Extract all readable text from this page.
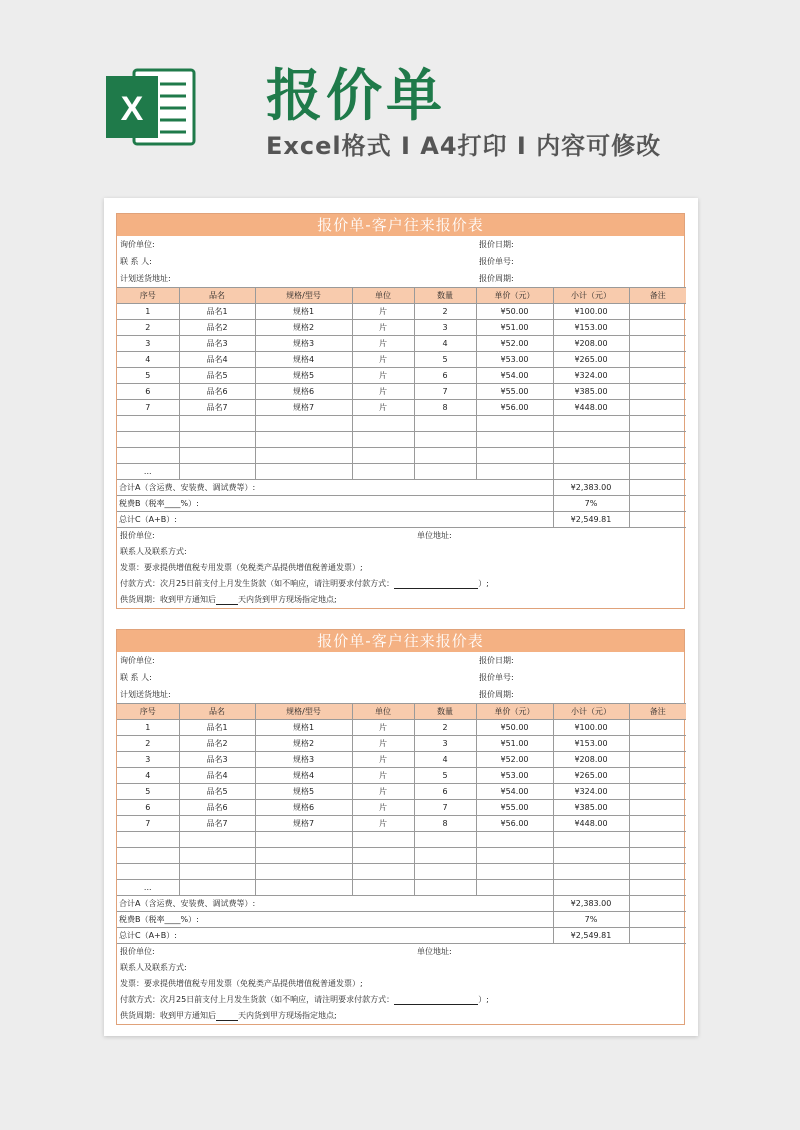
X 报价单
Excel格式 I A4打印 I 内容可修改
报价单-客户往来报价表
询价单位:	报价日期:
联 系 人:	报价单号:
计划送货地址:	报价周期:
序号	品名	规格/型号	单位	数量	单价（元）	小计（元）	备注
1	品名1	规格1	片	2	¥50.00	¥100.00	
2	品名2	规格2	片	3	¥51.00	¥153.00	
3	品名3	规格3	片	4	¥52.00	¥208.00	
4	品名4	规格4	片	5	¥53.00	¥265.00	
5	品名5	规格5	片	6	¥54.00	¥324.00	
6	品名6	规格6	片	7	¥55.00	¥385.00	
7	品名7	规格7	片	8	¥56.00	¥448.00	

...							
合计A（含运费、安装费、调试费等）:						¥2,383.00	
税费B（税率____%）:						7%	
总计C（A+B）:						¥2,549.81	
报价单位:	单位地址:
联系人及联系方式:
发票：要求提供增值税专用发票（免税类产品提供增值税普通发票）;
付款方式：次月25日前支付上月发生货款（如不响应，请注明要求付款方式：	）;
供货周期：收到甲方通知后	天内货到甲方现场指定地点;
报价单-客户往来报价表
询价单位:	报价日期:
联 系 人:	报价单号:
计划送货地址:	报价周期:
序号	品名	规格/型号	单位	数量	单价（元）	小计（元）	备注
1	品名1	规格1	片	2	¥50.00	¥100.00	
2	品名2	规格2	片	3	¥51.00	¥153.00	
3	品名3	规格3	片	4	¥52.00	¥208.00	
4	品名4	规格4	片	5	¥53.00	¥265.00	
5	品名5	规格5	片	6	¥54.00	¥324.00	
6	品名6	规格6	片	7	¥55.00	¥385.00	
7	品名7	规格7	片	8	¥56.00	¥448.00	

...							
合计A（含运费、安装费、调试费等）:						¥2,383.00	
税费B（税率____%）:						7%	
总计C（A+B）:						¥2,549.81	
报价单位:	单位地址:
联系人及联系方式:
发票：要求提供增值税专用发票（免税类产品提供增值税普通发票）;
付款方式：次月25日前支付上月发生货款（如不响应，请注明要求付款方式：	）;
供货周期：收到甲方通知后	天内货到甲方现场指定地点;
